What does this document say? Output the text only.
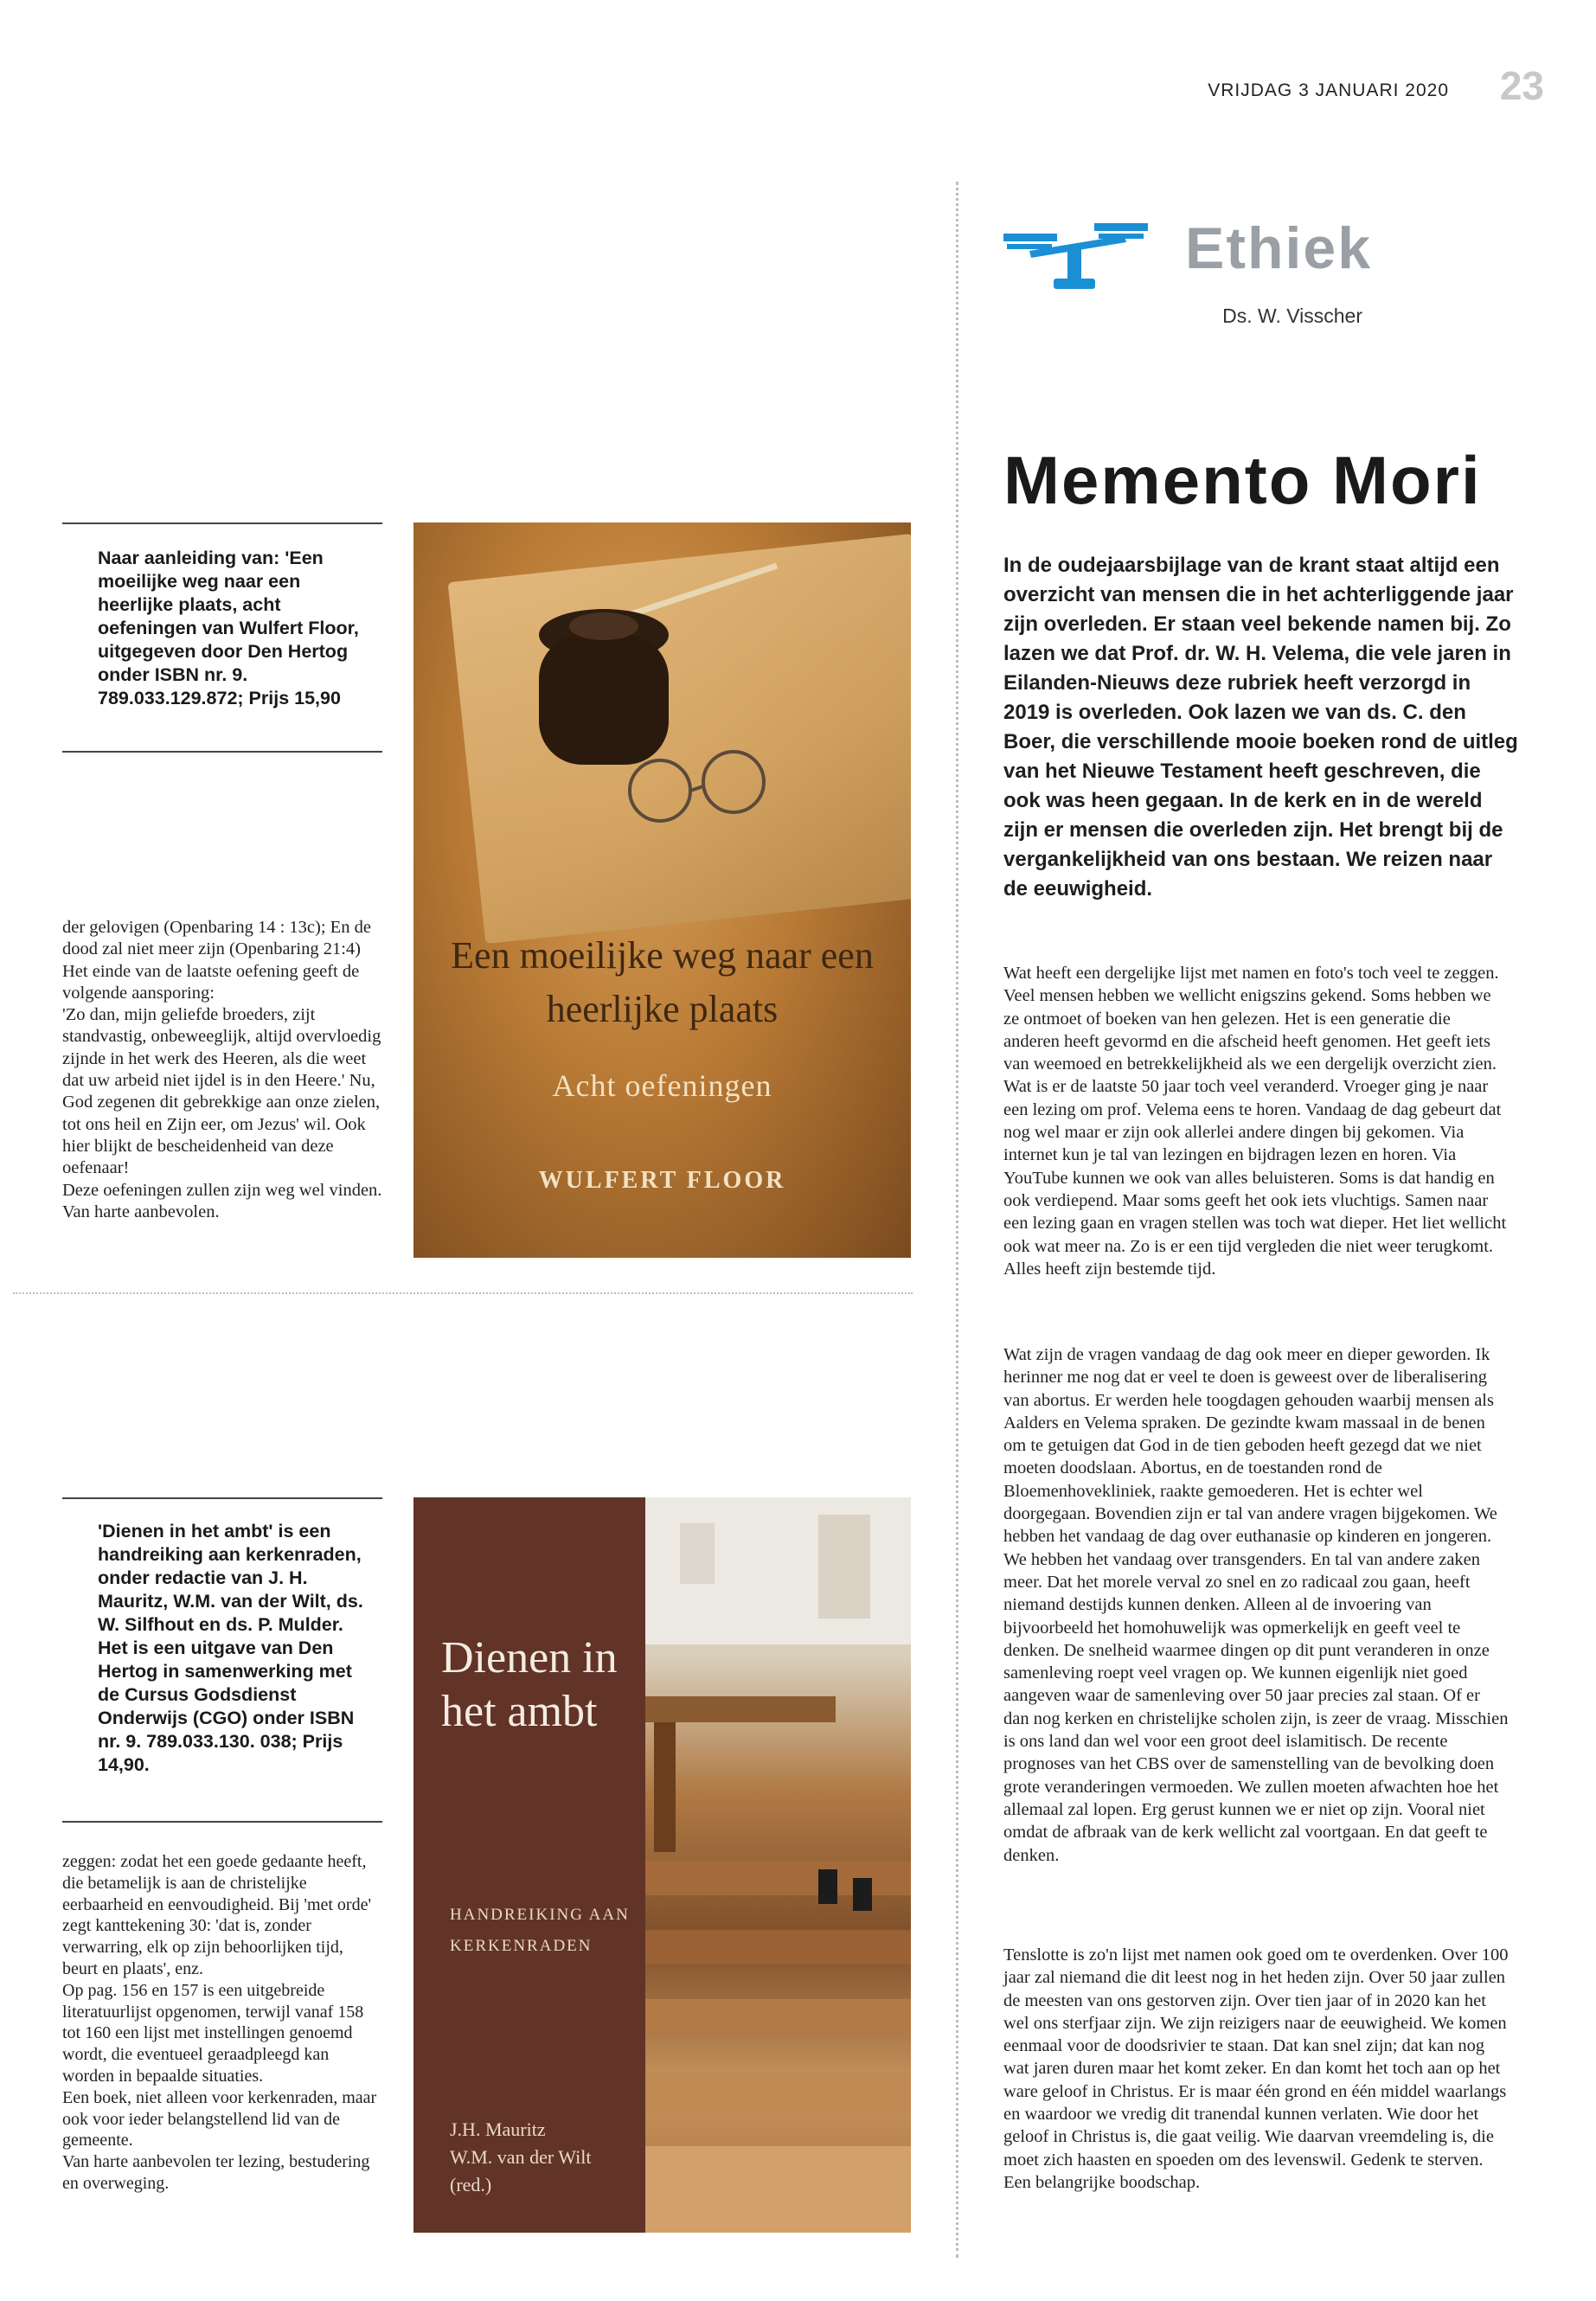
VRIJDAG 3 JANUARI 2020 23
Ethiek
Ds. W. Visscher
Memento Mori
In de oudejaarsbijlage van de krant staat altijd een overzicht van mensen die in het achterliggende jaar zijn overleden. Er staan veel bekende namen bij. Zo lazen we dat Prof. dr. W. H. Velema, die vele jaren in Eilanden-Nieuws deze rubriek heeft verzorgd in 2019 is overleden. Ook lazen we van ds. C. den Boer, die verschillende mooie boeken rond de uitleg van het Nieuwe Testament heeft geschreven, die ook was heen gegaan. In de kerk en in de wereld zijn er mensen die overleden zijn. Het brengt bij de vergankelijkheid van ons bestaan. We reizen naar de eeuwigheid.
Wat heeft een dergelijke lijst met namen en foto's toch veel te zeggen. Veel mensen hebben we wellicht enigszins gekend. Soms hebben we ze ontmoet of boeken van hen gelezen. Het is een generatie die anderen heeft gevormd en die afscheid heeft genomen. Het geeft iets van weemoed en betrekkelijkheid als we een dergelijk overzicht zien. Wat is er de laatste 50 jaar toch veel veranderd. Vroeger ging je naar een lezing om prof. Velema eens te horen. Vandaag de dag gebeurt dat nog wel maar er zijn ook allerlei andere dingen bij gekomen. Via internet kun je tal van lezingen en bijdragen lezen en horen. Via YouTube kunnen we ook van alles beluisteren. Soms is dat handig en ook verdiepend. Maar soms geeft het ook iets vluchtigs. Samen naar een lezing gaan en vragen stellen was toch wat dieper. Het liet wellicht ook wat meer na. Zo is er een tijd vergleden die niet weer terugkomt. Alles heeft zijn bestemde tijd.
Wat zijn de vragen vandaag de dag ook meer en dieper geworden. Ik herinner me nog dat er veel te doen is geweest over de liberalisering van abortus. Er werden hele toogdagen gehouden waarbij mensen als Aalders en Velema spraken. De gezindte kwam massaal in de benen om te getuigen dat God in de tien geboden heeft gezegd dat we niet moeten doodslaan. Abortus, en de toestanden rond de Bloemenhovekliniek, raakte gemoederen. Het is echter wel doorgegaan. Bovendien zijn er tal van andere vragen bijgekomen. We hebben het vandaag de dag over euthanasie op kinderen en jongeren. We hebben het vandaag over transgenders. En tal van andere zaken meer. Dat het morele verval zo snel en zo radicaal zou gaan, heeft niemand destijds kunnen denken. Alleen al de invoering van bijvoorbeeld het homohuwelijk was opmerkelijk en geeft veel te denken. De snelheid waarmee dingen op dit punt veranderen in onze samenleving roept veel vragen op. We kunnen eigenlijk niet goed aangeven waar de samenleving over 50 jaar precies zal staan. Of er dan nog kerken en christelijke scholen zijn, is zeer de vraag. Misschien is ons land dan wel voor een groot deel islamitisch. De recente prognoses van het CBS over de samenstelling van de bevolking doen grote veranderingen vermoeden. We zullen moeten afwachten hoe het allemaal zal lopen. Erg gerust kunnen we er niet op zijn. Vooral niet omdat de afbraak van de kerk wellicht zal voortgaan. En dat geeft te denken.
Tenslotte is zo'n lijst met namen ook goed om te overdenken. Over 100 jaar zal niemand die dit leest nog in het heden zijn. Over 50 jaar zullen de meesten van ons gestorven zijn. Over tien jaar of in 2020 kan het wel ons sterfjaar zijn. We zijn reizigers naar de eeuwigheid. We komen eenmaal voor de doodsrivier te staan. Dat kan snel zijn; dat kan nog wat jaren duren maar het komt zeker. En dan komt het toch aan op het ware geloof in Christus. Er is maar één grond en één middel waarlangs en waardoor we vredig dit tranendal kunnen verlaten. Wie door het geloof in Christus is, die gaat veilig. Wie daarvan vreemdeling is, die moet zich haasten en spoeden om des levenswil. Gedenk te sterven. Een belangrijke boodschap.
Naar aanleiding van: 'Een moeilijke weg naar een heerlijke plaats, acht oefeningen van Wulfert Floor, uitgegeven door Den Hertog onder ISBN nr. 9. 789.033.129.872; Prijs 15,90
der gelovigen (Openbaring 14 : 13c); En de dood zal niet meer zijn (Openbaring 21:4)
Het einde van de laatste oefening geeft de volgende aansporing:
'Zo dan, mijn geliefde broeders, zijt standvastig, onbeweeglijk, altijd overvloedig zijnde in het werk des Heeren, als die weet dat uw arbeid niet ijdel is in den Heere.' Nu, God zegenen dit gebrekkige aan onze zielen, tot ons heil en Zijn eer, om Jezus' wil. Ook hier blijkt de bescheidenheid van deze oefenaar!
Deze oefeningen zullen zijn weg wel vinden. Van harte aanbevolen.
Een moeilijke weg naar een heerlijke plaats
Acht oefeningen
WULFERT FLOOR
'Dienen in het ambt' is een handreiking aan kerkenraden, onder redactie van J. H. Mauritz, W.M. van der Wilt, ds. W. Silfhout en ds. P. Mulder. Het is een uitgave van Den Hertog in samenwerking met de Cursus Godsdienst Onderwijs (CGO) onder ISBN nr. 9. 789.033.130. 038; Prijs 14,90.
zeggen: zodat het een goede gedaante heeft, die betamelijk is aan de christelijke eerbaarheid en eenvoudigheid. Bij 'met orde' zegt kanttekening 30: 'dat is, zonder verwarring, elk op zijn behoorlijken tijd, beurt en plaats', enz.
Op pag. 156 en 157 is een uitgebreide literatuurlijst opgenomen, terwijl vanaf 158 tot 160 een lijst met instellingen genoemd wordt, die eventueel geraadpleegd kan worden in bepaalde situaties.
Een boek, niet alleen voor kerkenraden, maar ook voor ieder belangstellend lid van de gemeente.
Van harte aanbevolen ter lezing, bestudering en overweging.
Dienen in het ambt
HANDREIKING AAN KERKENRADEN
J.H. Mauritz
W.M. van der Wilt
(red.)
